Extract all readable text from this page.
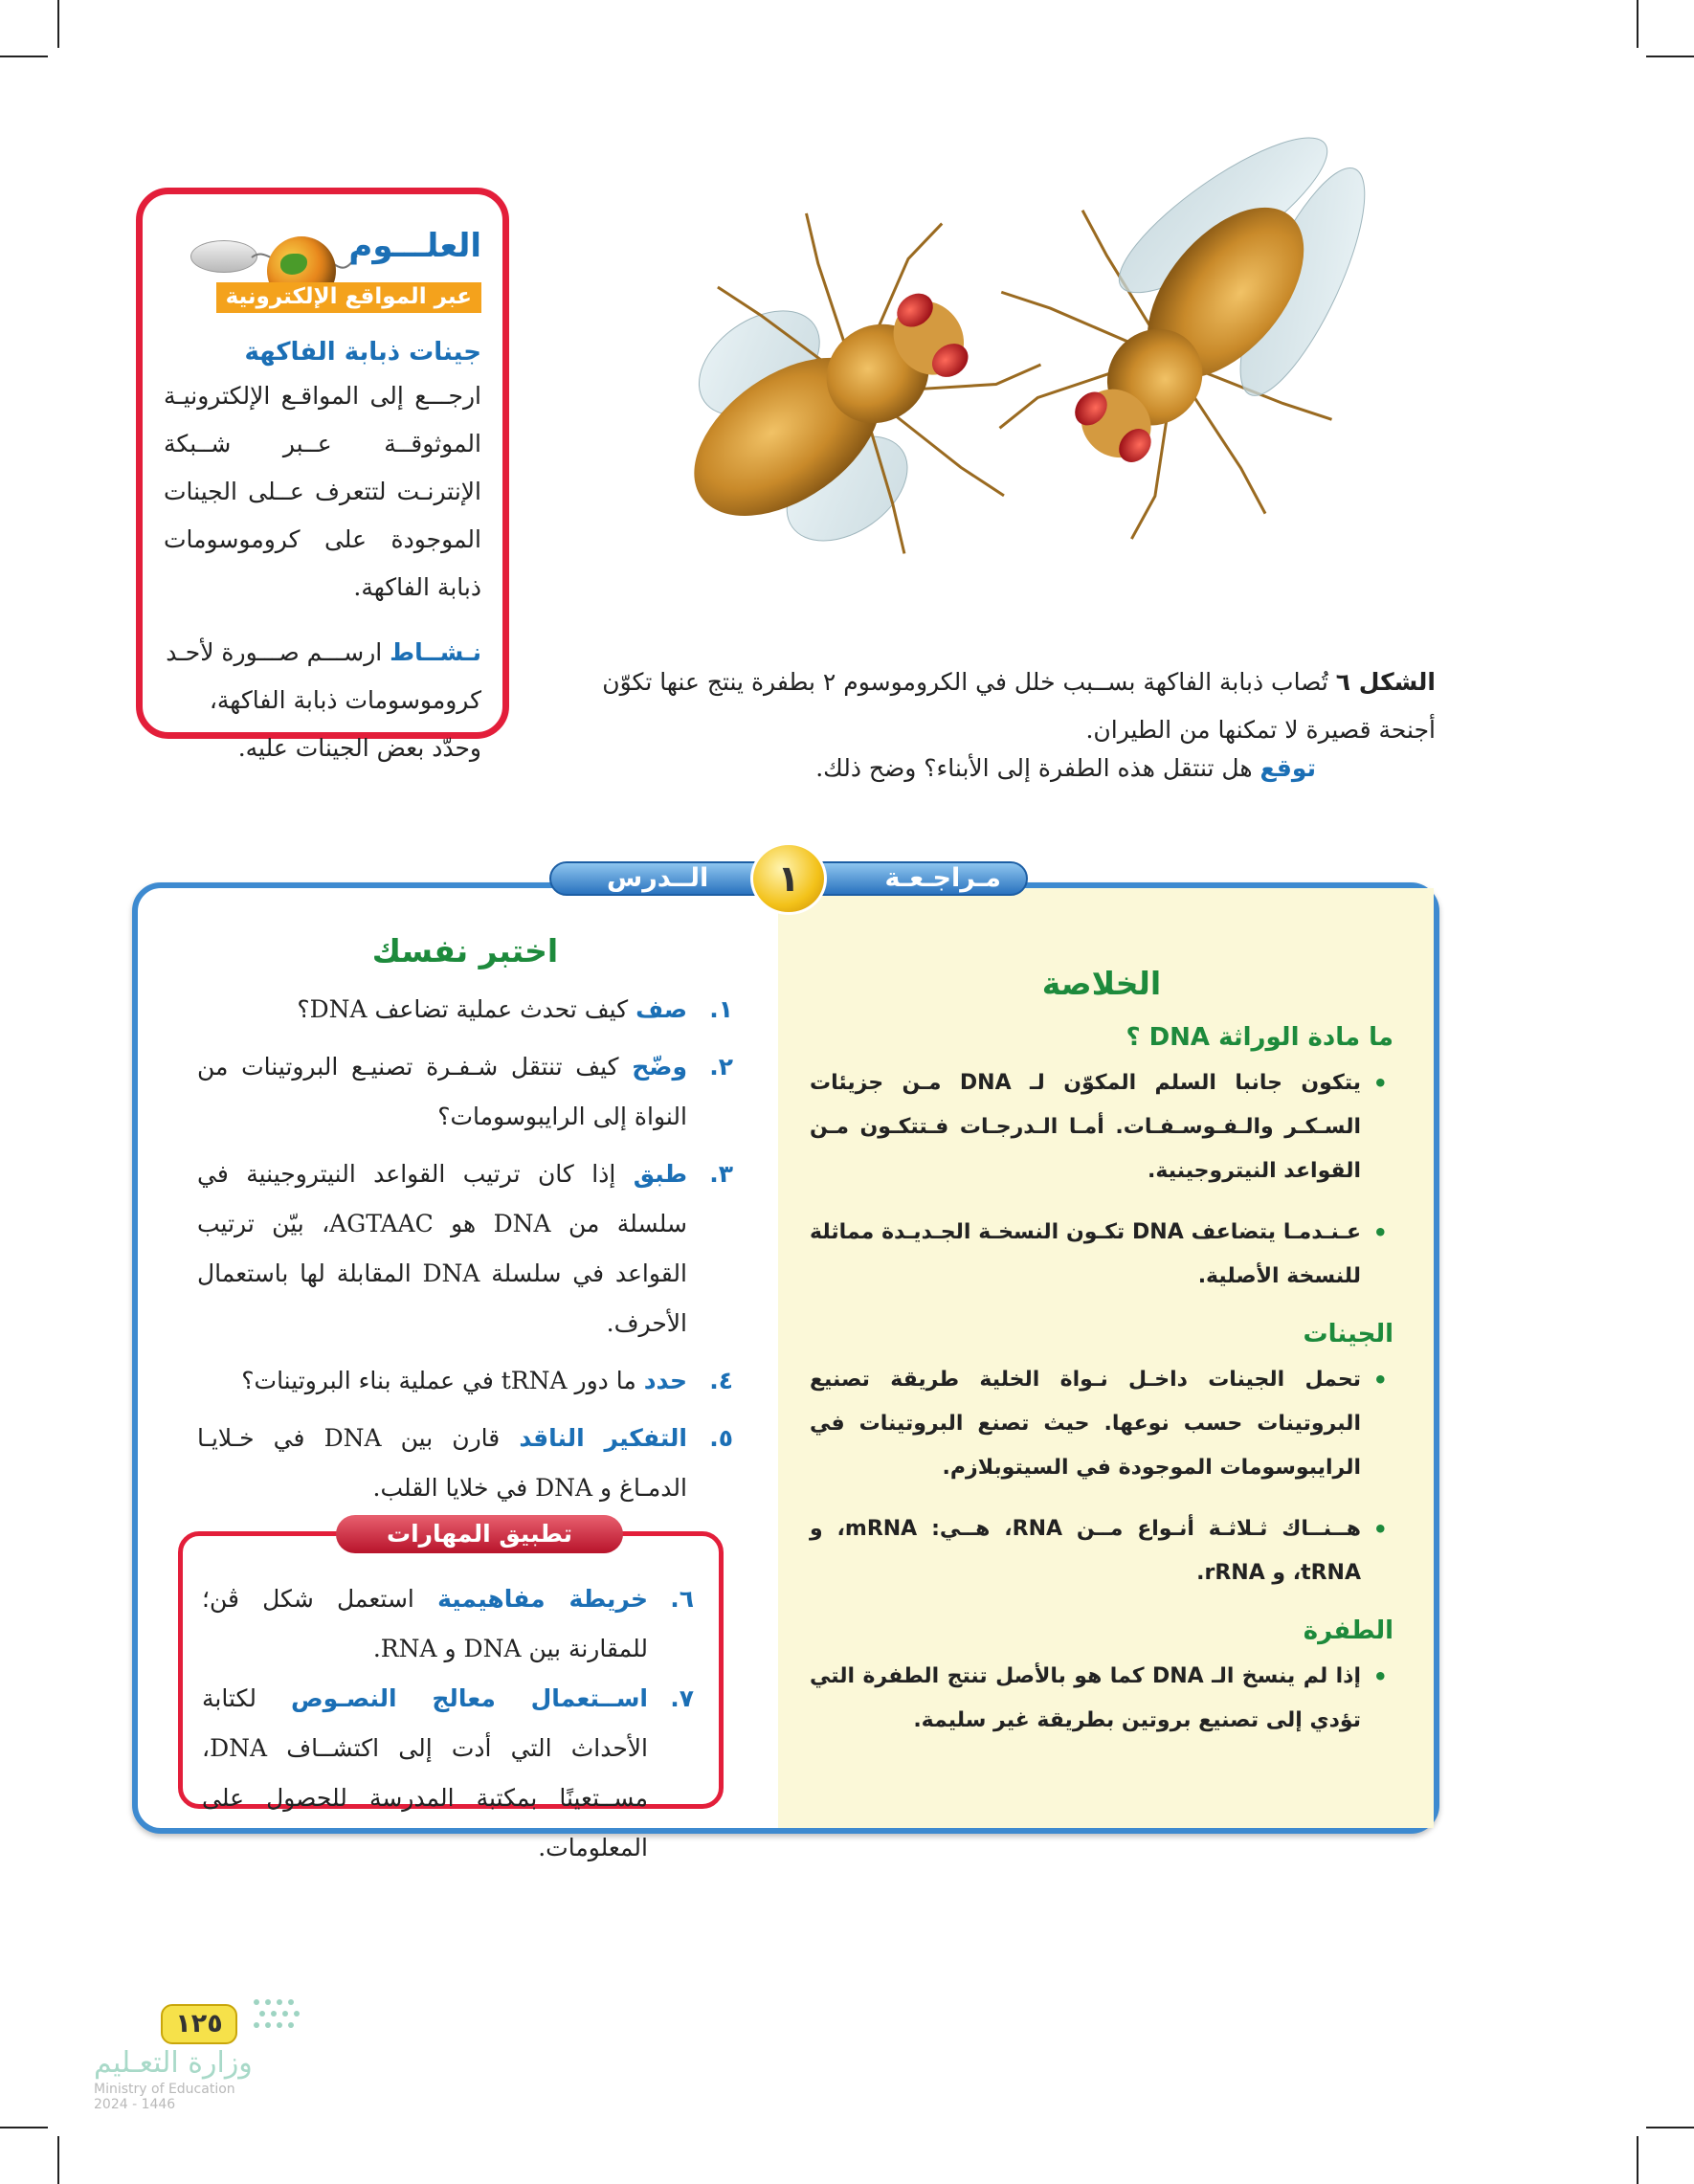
العلـــوم
عبر المواقع الإلكترونية
جينات ذبابة الفاكهة

ارجـــع إلى المواقـع الإلكترونيـة الموثوقــة عــبر شــبكة الإنترنـت لتتعرف عــلى الجينات الموجودة على كروموسومات ذبابة الفاكهة.

نـشــاط ارســـم صـــورة لأحـد كروموسومات ذبابة الفاكهة، وحدّد بعض الجينات عليه.

الشكل ٦ تُصاب ذبابة الفاكهة بســبب خلل في الكروموسوم ٢ بطفرة ينتج عنها تكوّن أجنحة قصيرة لا تمكنها من الطيران.

توقع هل تنتقل هذه الطفرة إلى الأبناء؟ وضح ذلك.

الخلاصة
ما مادة الوراثة DNA ؟
• يتكون جانبا السلم المكوّن لـ DNA مـن جزيئات السـكـر والـفـوسـفـات. أمـا الـدرجـات فـتتكـون مـن القواعد النيتروجينية.
• عـنـدمـا يتضاعف DNA تكـون النسخـة الجـديـدة مماثلة للنسخة الأصلية.
الجينات
• تحمل الجينات داخـل نـواة الخلية طريقة تصنيع البروتينات حسب نوعها. حيث تصنع البروتينات في الرايبوسومات الموجودة في السيتوبلازم.
• هــنــاك ثـلاثـة أنـواع مــن RNA، هــي: mRNA، و tRNA، و rRNA.
الطفرة
• إذا لم ينسخ الـ DNA كما هو بالأصل تنتج الطفرة التي تؤدي إلى تصنيع بروتين بطريقة غير سليمة.
اختبر نفسك
١.
صف كيف تحدث عملية تضاعف DNA؟
٢.
وضّح كيف تنتقل شـفـرة تصنيـع البروتينات من النواة إلى الرايبوسومات؟
٣.
طبق إذا كان ترتيب القواعد النيتروجينية في سلسلة من DNA هو AGTAAC، بيّن ترتيب القواعد في سلسلة DNA المقابلة لها باستعمال الأحرف.
٤.
حدد ما دور tRNA في عملية بناء البروتينات؟
٥.
التفكير الناقد قارن بين DNA في خـلايـا الدمـاغ و DNA في خلايا القلب.
تطبيق المهارات
٦.
خريطة مفاهيمية استعمل شكل ڤن؛ للمقارنة بين DNA و RNA.
٧.
اســتعمال معالج النصـوص لكتابة الأحداث التي أدت إلى اكتشــاف DNA، مســتعينًا بمكتبة المدرسة للحصول على المعلومات.
الــدرس	مـراجـعـة
١
١٢٥
وزارة التعـليم
Ministry of Education
2024 - 1446
